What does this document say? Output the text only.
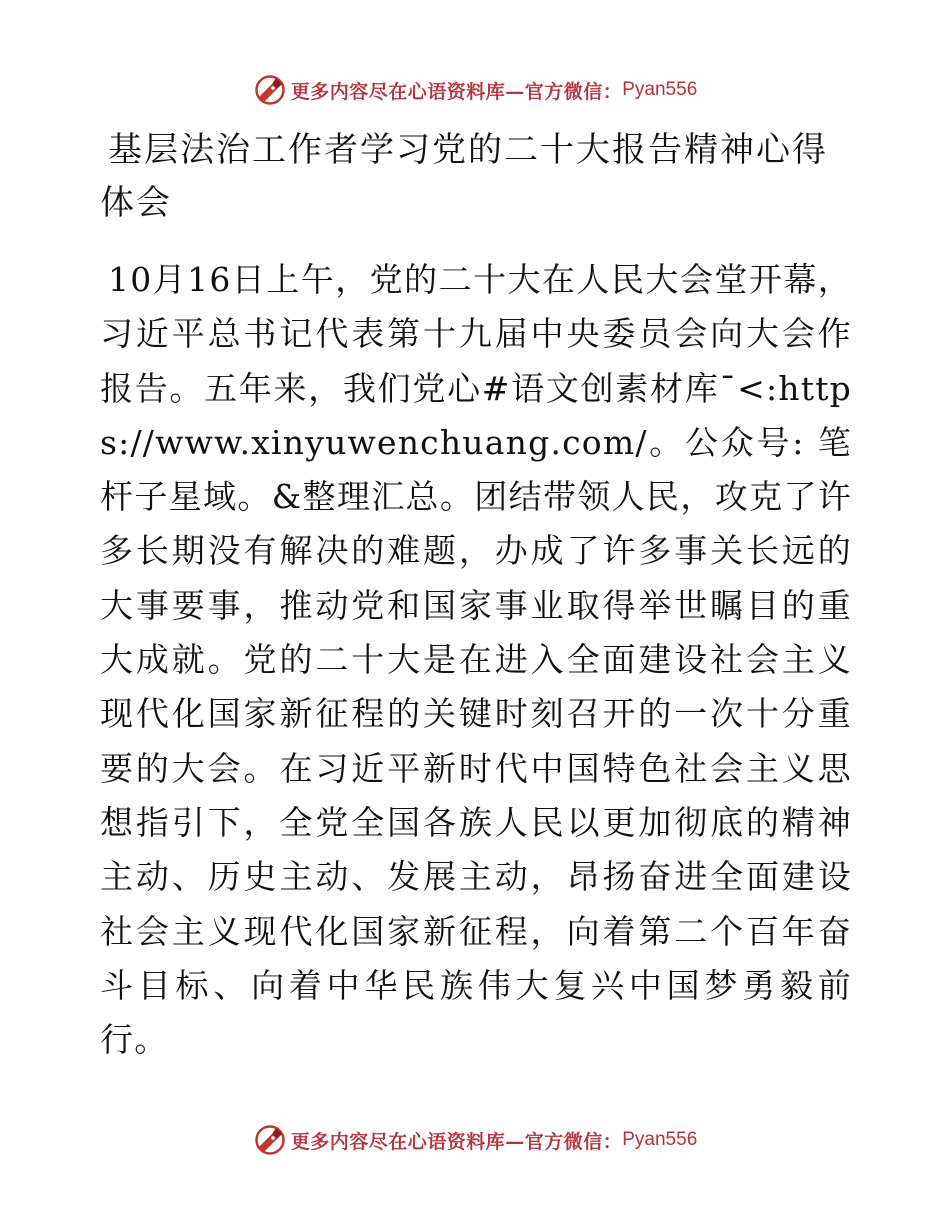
更多内容尽在心语资料库—官方微信： Pyan556
基层法治工作者学习党的二十大报告精神心得体会

10月16日上午，党的二十大在人民大会堂开幕，习近平总书记代表第十九届中央委员会向大会作报告。五年来，我们党心#语文创素材库¯<:https://www.xinyuwenchuang.com/。公众号: 笔杆子星域。&整理汇总。团结带领人民，攻克了许多长期没有解决的难题，办成了许多事关长远的大事要事，推动党和国家事业取得举世瞩目的重大成就。党的二十大是在进入全面建设社会主义现代化国家新征程的关键时刻召开的一次十分重要的大会。在习近平新时代中国特色社会主义思想指引下，全党全国各族人民以更加彻底的精神主动、历史主动、发展主动，昂扬奋进全面建设社会主义现代化国家新征程，向着第二个百年奋斗目标、向着中华民族伟大复兴中国梦勇毅前行。

更多内容尽在心语资料库—官方微信： Pyan556
